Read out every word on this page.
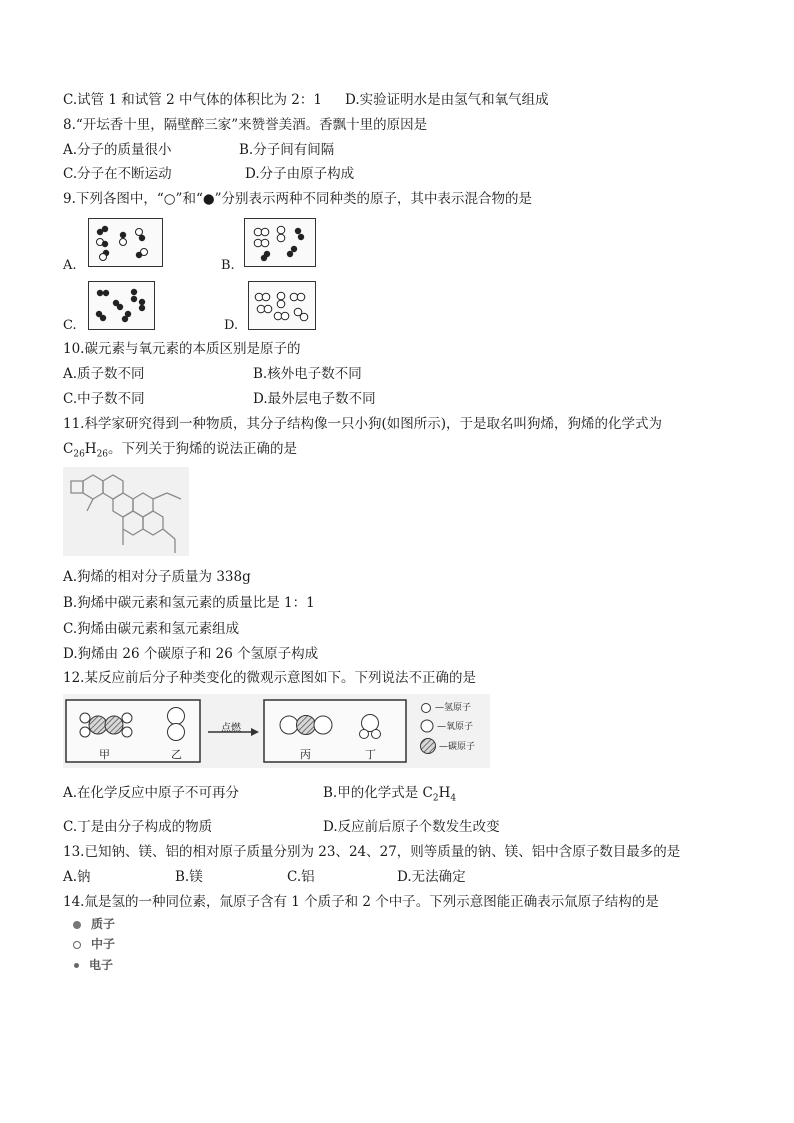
C.试管 1 和试管 2 中气体的体积比为 2：1 D.实验证明水是由氢气和氧气组成
8.“开坛香十里，隔壁醉三家”来赞誉美酒。香飘十里的原因是
A.分子的质量很小	B.分子间有间隔
C.分子在不断运动	D.分子由原子构成
9.下列各图中，“○”和“●”分别表示两种不同种类的原子，其中表示混合物的是
A.	B.
C.	D.
10.碳元素与氧元素的本质区别是原子的
A.质子数不同	B.核外电子数不同
C.中子数不同	D.最外层电子数不同
11.科学家研究得到一种物质，其分子结构像一只小狗(如图所示)，于是取名叫狗烯，狗烯的化学式为
$C_{26}H_{26}$。下列关于狗烯的说法正确的是
A.狗烯的相对分子质量为 338g
B.狗烯中碳元素和氢元素的质量比是 1：1
C.狗烯由碳元素和氢元素组成
D.狗烯由 26 个碳原子和 26 个氢原子构成
12.某反应前后分子种类变化的微观示意图如下。下列说法不正确的是
甲	乙
点燃
丙	丁
—氢原子
—氧原子
—碳原子
A.在化学反应中原子不可再分	B.甲的化学式是 $C_2H_4$
C.丁是由分子构成的物质	D.反应前后原子个数发生改变
13.已知钠、镁、铝的相对原子质量分别为 23、24、27，则等质量的钠、镁、铝中含原子数目最多的是
A.钠	B.镁	C.铝	D.无法确定
14.氚是氢的一种同位素，氚原子含有 1 个质子和 2 个中子。下列示意图能正确表示氚原子结构的是
质子
中子
电子
